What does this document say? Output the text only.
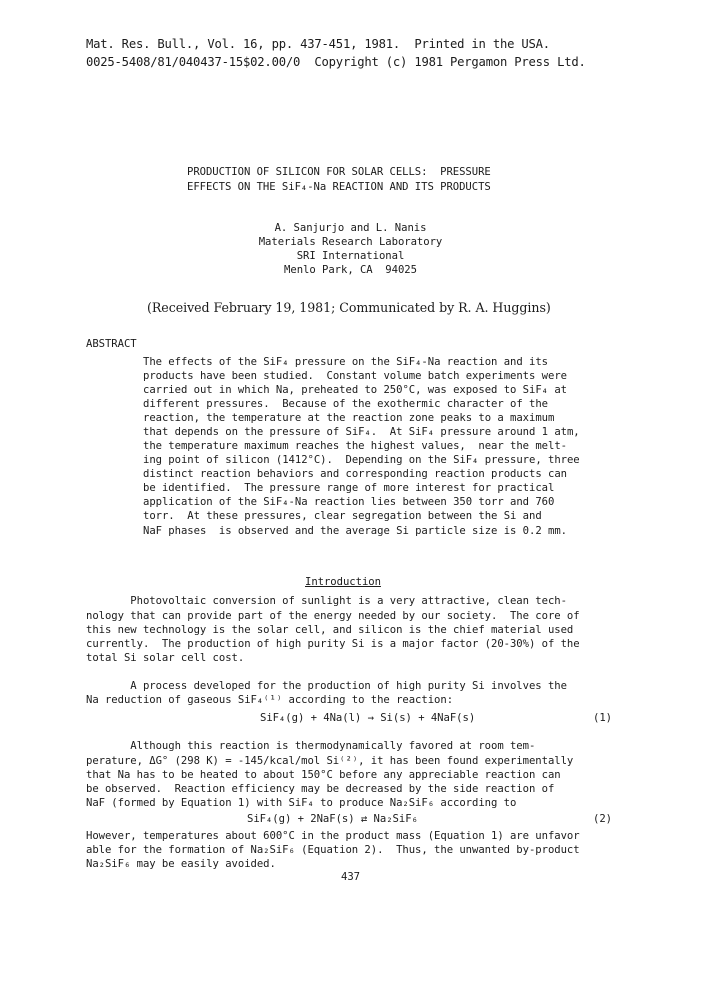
Mat. Res. Bull., Vol. 16, pp. 437-451, 1981.  Printed in the USA.
0025-5408/81/040437-15$02.00/0  Copyright (c) 1981 Pergamon Press Ltd.
PRODUCTION OF SILICON FOR SOLAR CELLS:  PRESSURE
EFFECTS ON THE SiF₄-Na REACTION AND ITS PRODUCTS
A. Sanjurjo and L. Nanis
Materials Research Laboratory
SRI International
Menlo Park, CA  94025
(Received February 19, 1981; Communicated by R. A. Huggins)
ABSTRACT
The effects of the SiF₄ pressure on the SiF₄-Na reaction and its
products have been studied.  Constant volume batch experiments were
carried out in which Na, preheated to 250°C, was exposed to SiF₄ at
different pressures.  Because of the exothermic character of the
reaction, the temperature at the reaction zone peaks to a maximum
that depends on the pressure of SiF₄.  At SiF₄ pressure around 1 atm,
the temperature maximum reaches the highest values,  near the melt-
ing point of silicon (1412°C).  Depending on the SiF₄ pressure, three
distinct reaction behaviors and corresponding reaction products can
be identified.  The pressure range of more interest for practical
application of the SiF₄-Na reaction lies between 350 torr and 760
torr.  At these pressures, clear segregation between the Si and
NaF phases  is observed and the average Si particle size is 0.2 mm.
Introduction
Photovoltaic conversion of sunlight is a very attractive, clean tech-
nology that can provide part of the energy needed by our society.  The core of
this new technology is the solar cell, and silicon is the chief material used
currently.  The production of high purity Si is a major factor (20-30%) of the
total Si solar cell cost.
A process developed for the production of high purity Si involves the
Na reduction of gaseous SiF₄⁽¹⁾ according to the reaction:
SiF₄(g) + 4Na(l) → Si(s) + 4NaF(s)	(1)
Although this reaction is thermodynamically favored at room tem-
perature, ΔG° (298 K) = -145/kcal/mol Si⁽²⁾, it has been found experimentally
that Na has to be heated to about 150°C before any appreciable reaction can
be observed.  Reaction efficiency may be decreased by the side reaction of
NaF (formed by Equation 1) with SiF₄ to produce Na₂SiF₆ according to
SiF₄(g) + 2NaF(s) ⇄ Na₂SiF₆	(2)
However, temperatures about 600°C in the product mass (Equation 1) are unfavor
able for the formation of Na₂SiF₆ (Equation 2).  Thus, the unwanted by-product
Na₂SiF₆ may be easily avoided.
437
